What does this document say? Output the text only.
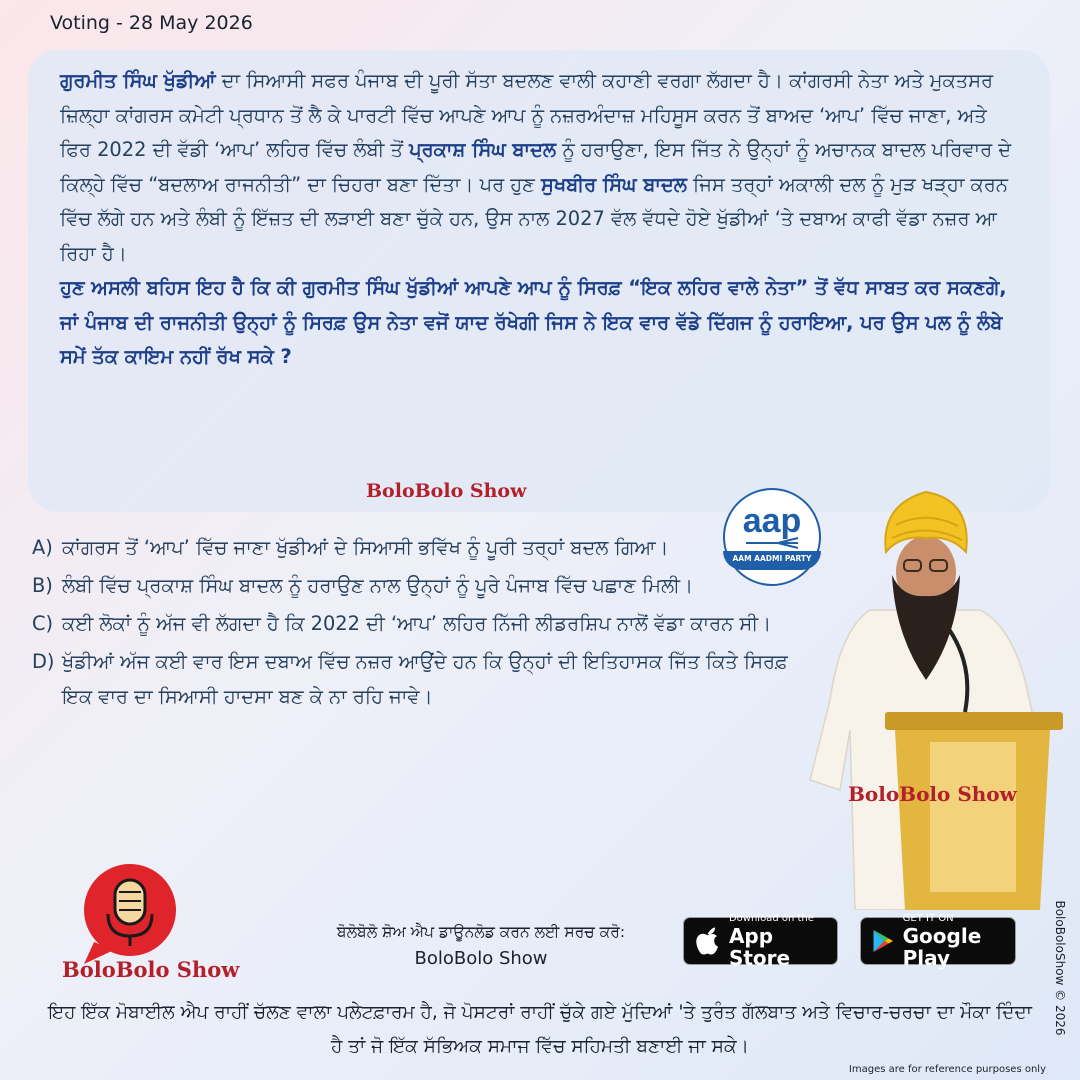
Voting - 28 May 2026

ਗੁਰਮੀਤ ਸਿੰਘ ਖੁੱਡੀਆਂ ਦਾ ਸਿਆਸੀ ਸਫਰ ਪੰਜਾਬ ਦੀ ਪੂਰੀ ਸੱਤਾ ਬਦਲਣ ਵਾਲੀ ਕਹਾਣੀ ਵਰਗਾ ਲੱਗਦਾ ਹੈ। ਕਾਂਗਰਸੀ ਨੇਤਾ ਅਤੇ ਮੁਕਤਸਰ ਜ਼ਿਲ੍ਹਾ ਕਾਂਗਰਸ ਕਮੇਟੀ ਪ੍ਰਧਾਨ ਤੋਂ ਲੈ ਕੇ ਪਾਰਟੀ ਵਿੱਚ ਆਪਣੇ ਆਪ ਨੂੰ ਨਜ਼ਰਅੰਦਾਜ਼ ਮਹਿਸੂਸ ਕਰਨ ਤੋਂ ਬਾਅਦ ‘ਆਪ’ ਵਿੱਚ ਜਾਣਾ, ਅਤੇ ਫਿਰ 2022 ਦੀ ਵੱਡੀ ‘ਆਪ’ ਲਹਿਰ ਵਿੱਚ ਲੰਬੀ ਤੋਂ ਪ੍ਰਕਾਸ਼ ਸਿੰਘ ਬਾਦਲ ਨੂੰ ਹਰਾਉਣਾ, ਇਸ ਜਿੱਤ ਨੇ ਉਨ੍ਹਾਂ ਨੂੰ ਅਚਾਨਕ ਬਾਦਲ ਪਰਿਵਾਰ ਦੇ ਕਿਲ੍ਹੇ ਵਿੱਚ “ਬਦਲਾਅ ਰਾਜਨੀਤੀ” ਦਾ ਚਿਹਰਾ ਬਣਾ ਦਿੱਤਾ। ਪਰ ਹੁਣ ਸੁਖਬੀਰ ਸਿੰਘ ਬਾਦਲ ਜਿਸ ਤਰ੍ਹਾਂ ਅਕਾਲੀ ਦਲ ਨੂੰ ਮੁੜ ਖੜ੍ਹਾ ਕਰਨ ਵਿੱਚ ਲੱਗੇ ਹਨ ਅਤੇ ਲੰਬੀ ਨੂੰ ਇੱਜ਼ਤ ਦੀ ਲੜਾਈ ਬਣਾ ਚੁੱਕੇ ਹਨ, ਉਸ ਨਾਲ 2027 ਵੱਲ ਵੱਧਦੇ ਹੋਏ ਖੁੱਡੀਆਂ ‘ਤੇ ਦਬਾਅ ਕਾਫੀ ਵੱਡਾ ਨਜ਼ਰ ਆ ਰਿਹਾ ਹੈ।

ਹੁਣ ਅਸਲੀ ਬਹਿਸ ਇਹ ਹੈ ਕਿ ਕੀ ਗੁਰਮੀਤ ਸਿੰਘ ਖੁੱਡੀਆਂ ਆਪਣੇ ਆਪ ਨੂੰ ਸਿਰਫ਼ “ਇਕ ਲਹਿਰ ਵਾਲੇ ਨੇਤਾ” ਤੋਂ ਵੱਧ ਸਾਬਤ ਕਰ ਸਕਣਗੇ, ਜਾਂ ਪੰਜਾਬ ਦੀ ਰਾਜਨੀਤੀ ਉਨ੍ਹਾਂ ਨੂੰ ਸਿਰਫ਼ ਉਸ ਨੇਤਾ ਵਜੋਂ ਯਾਦ ਰੱਖੇਗੀ ਜਿਸ ਨੇ ਇਕ ਵਾਰ ਵੱਡੇ ਦਿੱਗਜ ਨੂੰ ਹਰਾਇਆ, ਪਰ ਉਸ ਪਲ ਨੂੰ ਲੰਬੇ ਸਮੇਂ ਤੱਕ ਕਾਇਮ ਨਹੀਂ ਰੱਖ ਸਕੇ ?

BoloBolo Show
A) ਕਾਂਗਰਸ ਤੋਂ ‘ਆਪ’ ਵਿੱਚ ਜਾਣਾ ਖੁੱਡੀਆਂ ਦੇ ਸਿਆਸੀ ਭਵਿੱਖ ਨੂੰ ਪੂਰੀ ਤਰ੍ਹਾਂ ਬਦਲ ਗਿਆ।
B) ਲੰਬੀ ਵਿੱਚ ਪ੍ਰਕਾਸ਼ ਸਿੰਘ ਬਾਦਲ ਨੂੰ ਹਰਾਉਣ ਨਾਲ ਉਨ੍ਹਾਂ ਨੂੰ ਪੂਰੇ ਪੰਜਾਬ ਵਿੱਚ ਪਛਾਣ ਮਿਲੀ।
C) ਕਈ ਲੋਕਾਂ ਨੂੰ ਅੱਜ ਵੀ ਲੱਗਦਾ ਹੈ ਕਿ 2022 ਦੀ ‘ਆਪ’ ਲਹਿਰ ਨਿੱਜੀ ਲੀਡਰਸ਼ਿਪ ਨਾਲੋਂ ਵੱਡਾ ਕਾਰਨ ਸੀ।
D) ਖੁੱਡੀਆਂ ਅੱਜ ਕਈ ਵਾਰ ਇਸ ਦਬਾਅ ਵਿੱਚ ਨਜ਼ਰ ਆਉਂਦੇ ਹਨ ਕਿ ਉਨ੍ਹਾਂ ਦੀ ਇਤਿਹਾਸਕ ਜਿੱਤ ਕਿਤੇ ਸਿਰਫ਼ ਇਕ ਵਾਰ ਦਾ ਸਿਆਸੀ ਹਾਦਸਾ ਬਣ ਕੇ ਨਾ ਰਹਿ ਜਾਵੇ।
BoloBolo Show
aap
AAM AADMI PARTY
BoloBolo Show
ਬੋਲੋਬੋਲੋ ਸ਼ੋਅ ਐਪ ਡਾਊਨਲੋਡ ਕਰਨ ਲਈ ਸਰਚ ਕਰੋ:
BoloBolo Show
Download on the
App Store
GET IT ON
Google Play
ਇਹ ਇੱਕ ਮੋਬਾਈਲ ਐਪ ਰਾਹੀਂ ਚੱਲਣ ਵਾਲਾ ਪਲੇਟਫ਼ਾਰਮ ਹੈ, ਜੋ ਪੋਸਟਰਾਂ ਰਾਹੀਂ ਚੁੱਕੇ ਗਏ ਮੁੱਦਿਆਂ 'ਤੇ ਤੁਰੰਤ ਗੱਲਬਾਤ ਅਤੇ ਵਿਚਾਰ-ਚਰਚਾ ਦਾ ਮੌਕਾ ਦਿੰਦਾ ਹੈ ਤਾਂ ਜੋ ਇੱਕ ਸੱਭਿਅਕ ਸਮਾਜ ਵਿੱਚ ਸਹਿਮਤੀ ਬਣਾਈ ਜਾ ਸਕੇ।
BoloBoloShow © 2026
Images are for reference purposes only
